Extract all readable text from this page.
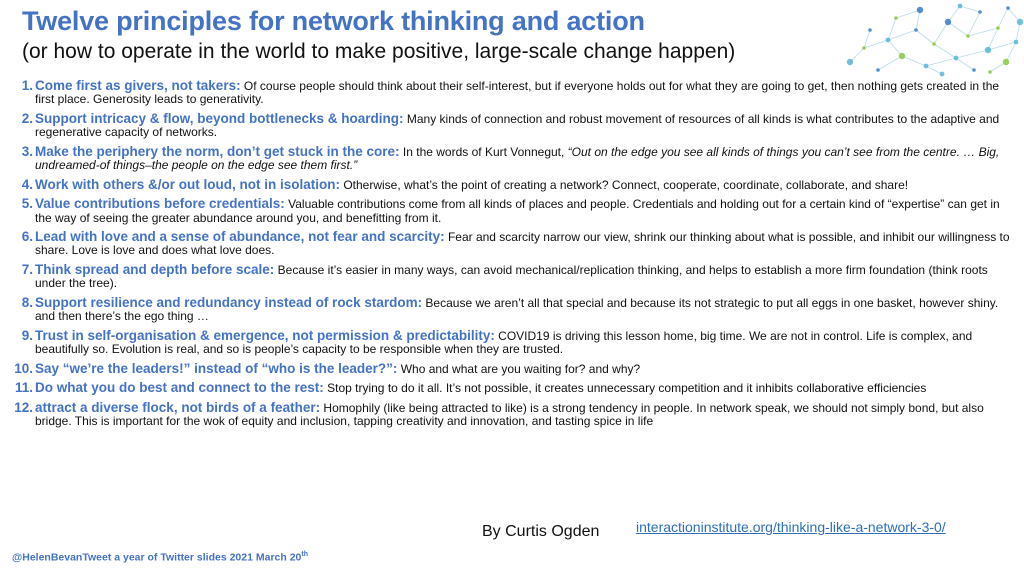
Twelve principles for network thinking and action
(or how to operate in the world to make positive, large-scale change happen)
1. Come first as givers, not takers: Of course people should think about their self-interest, but if everyone holds out for what they are going to get, then nothing gets created in the first place. Generosity leads to generativity.
2. Support intricacy & flow, beyond bottlenecks & hoarding: Many kinds of connection and robust movement of resources of all kinds is what contributes to the adaptive and regenerative capacity of networks.
3. Make the periphery the norm, don’t get stuck in the core: In the words of Kurt Vonnegut, “Out on the edge you see all kinds of things you can’t see from the centre. … Big, undreamed-of things–the people on the edge see them first.”
4. Work with others &/or out loud, not in isolation: Otherwise, what’s the point of creating a network? Connect, cooperate, coordinate, collaborate, and share!
5. Value contributions before credentials: Valuable contributions come from all kinds of places and people. Credentials and holding out for a certain kind of “expertise” can get in the way of seeing the greater abundance around you, and benefitting from it.
6. Lead with love and a sense of abundance, not fear and scarcity: Fear and scarcity narrow our view, shrink our thinking about what is possible, and inhibit our willingness to share. Love is love and does what love does.
7. Think spread and depth before scale: Because it’s easier in many ways, can avoid mechanical/replication thinking, and helps to establish a more firm foundation (think roots under the tree).
8. Support resilience and redundancy instead of rock stardom: Because we aren’t all that special and because its not strategic to put all eggs in one basket, however shiny. and then there’s the ego thing …
9. Trust in self-organisation & emergence, not permission & predictability: COVID19 is driving this lesson home, big time. We are not in control. Life is complex, and beautifully so. Evolution is real, and so is people’s capacity to be responsible when they are trusted.
10. Say “we’re the leaders!” instead of “who is the leader?”: Who and what are you waiting for? and why?
11. Do what you do best and connect to the rest: Stop trying to do it all. It’s not possible, it creates unnecessary competition and it inhibits collaborative efficiencies
12. attract a diverse flock, not birds of a feather: Homophily (like being attracted to like) is a strong tendency in people. In network speak, we should not simply bond, but also bridge. This is important for the wok of equity and inclusion, tapping creativity and innovation, and tasting spice in life
By Curtis Ogden	interactioninstitute.org/thinking-like-a-network-3-0/
@HelenBevanTweet a year of Twitter slides 2021 March 20th
